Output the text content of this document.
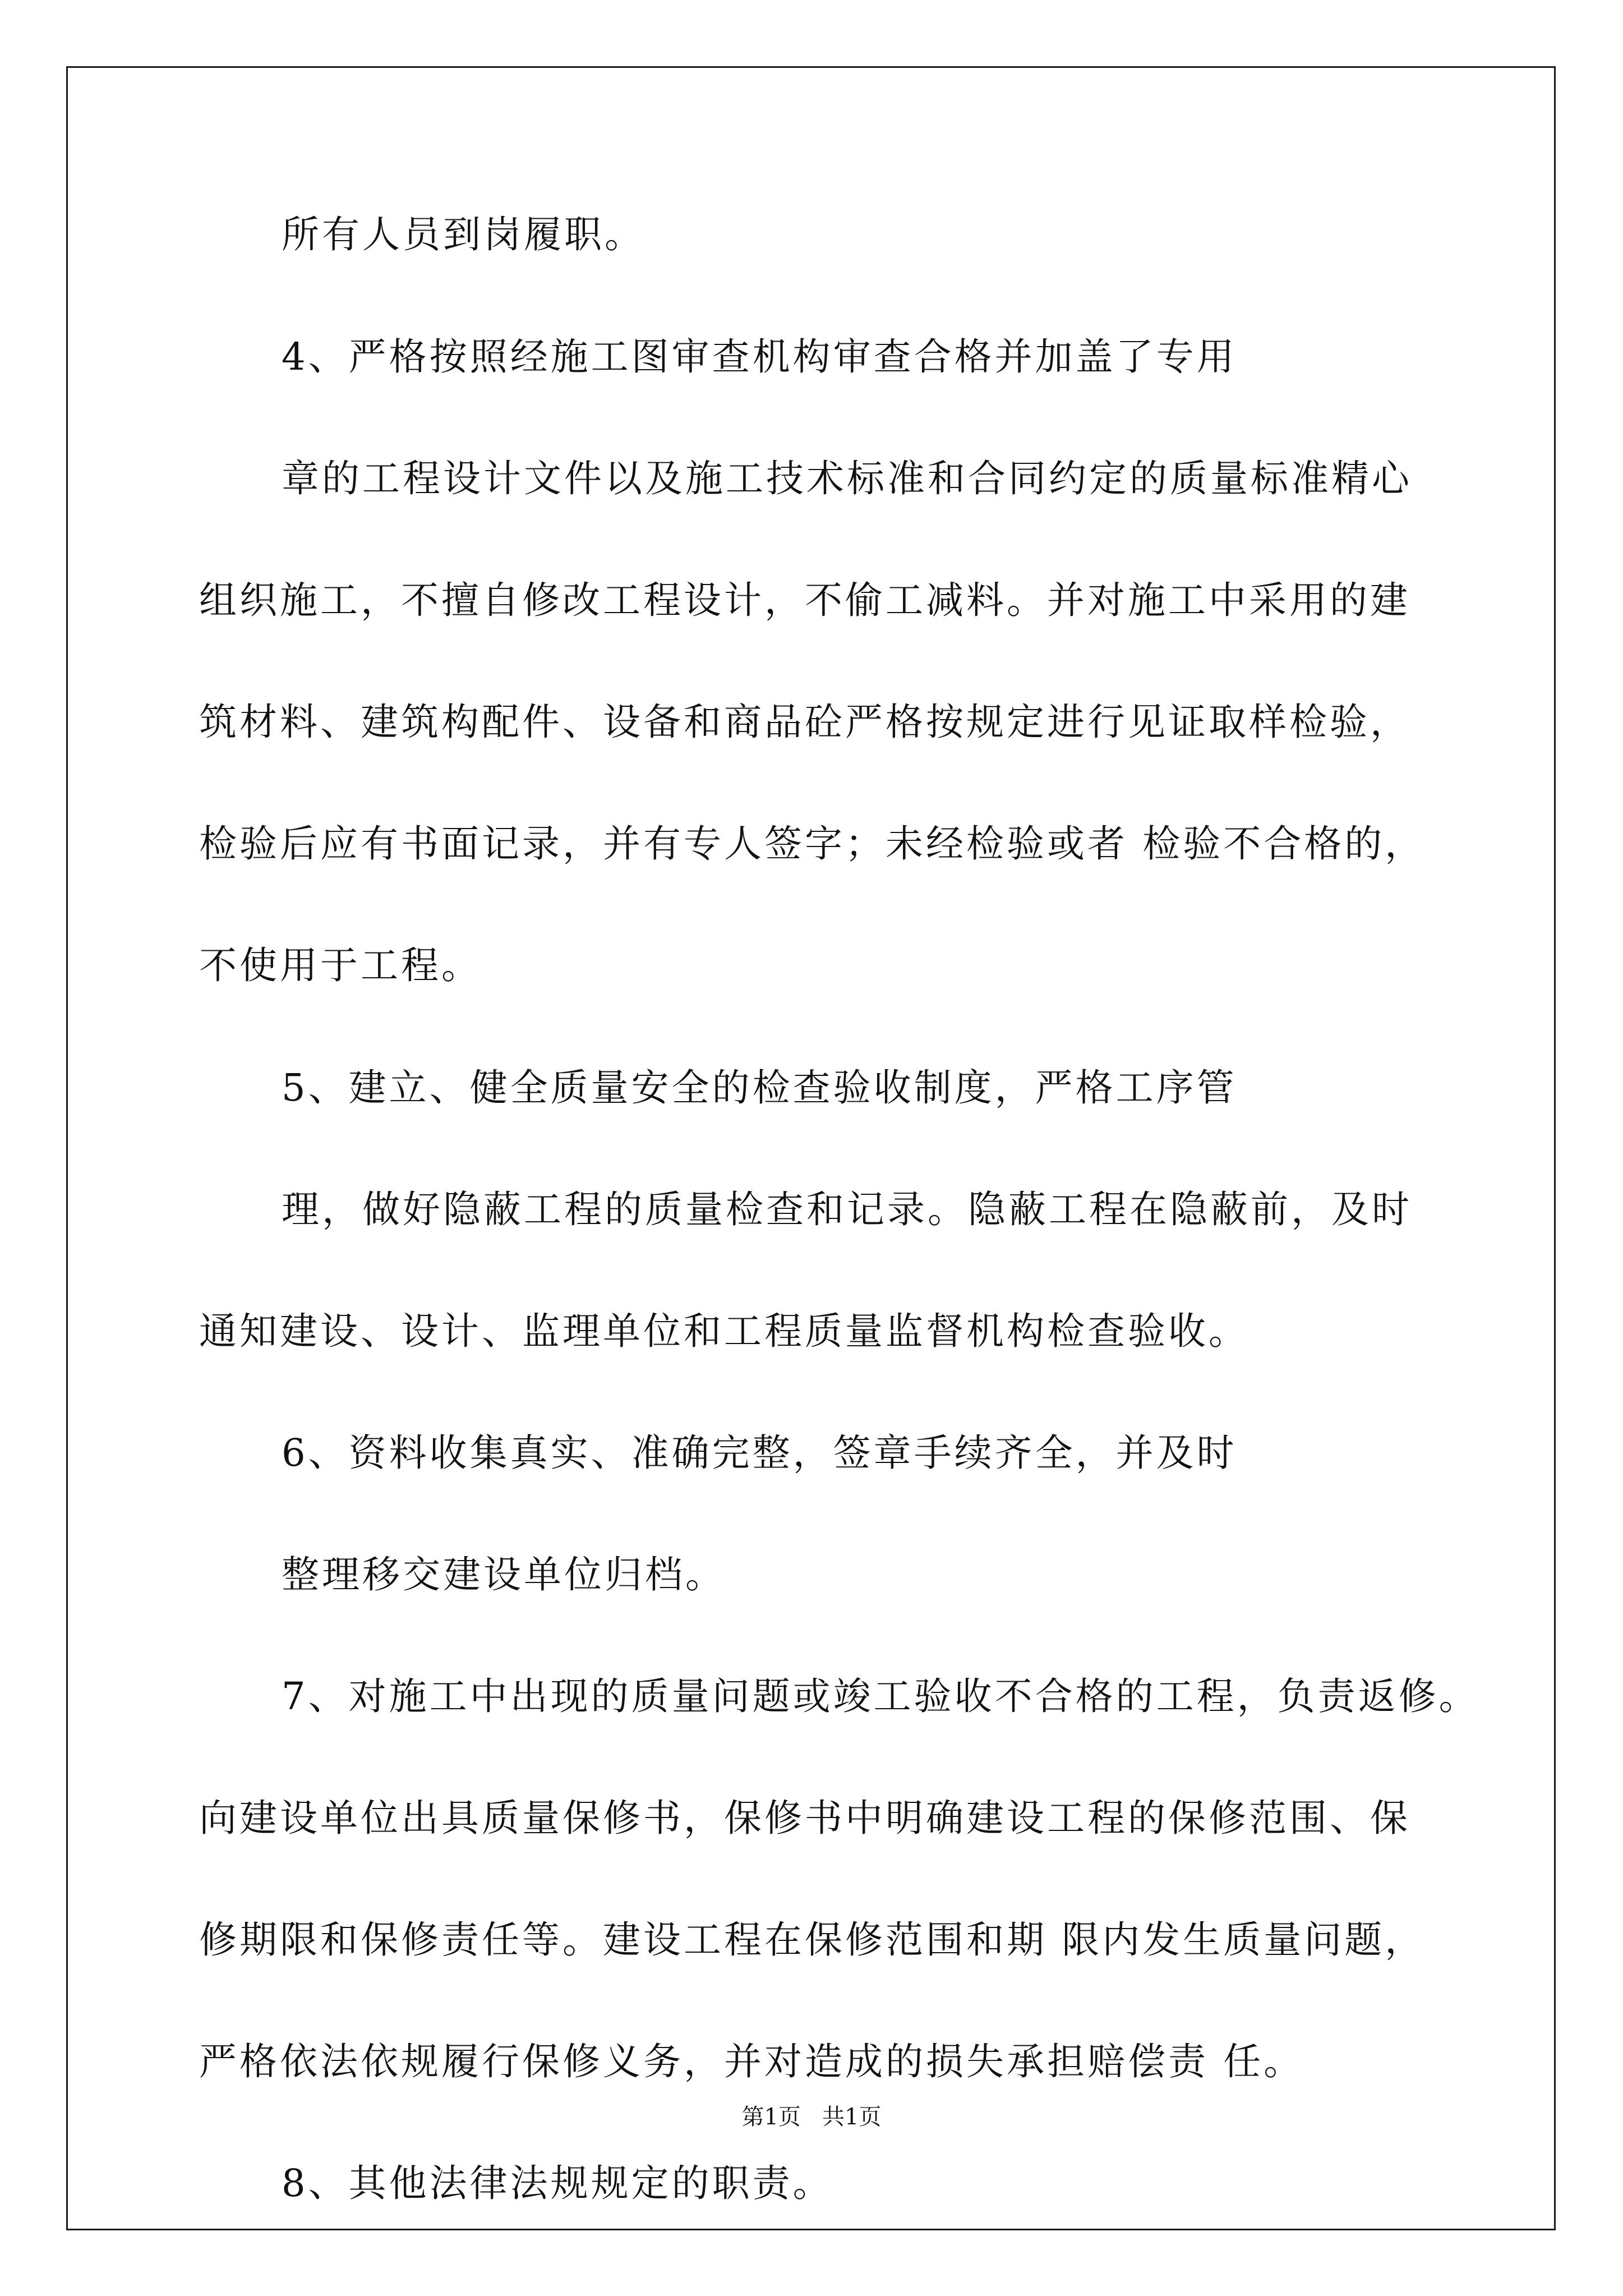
所有人员到岗履职。

4、严格按照经施工图审查机构审查合格并加盖了专用

章的工程设计文件以及施工技术标准和合同约定的质量标准精心

组织施工，不擅自修改工程设计，不偷工减料。并对施工中采用的建

筑材料、建筑构配件、设备和商品砼严格按规定进行见证取样检验，

检验后应有书面记录，并有专人签字；未经检验或者 检验不合格的，

不使用于工程。

5、建立、健全质量安全的检查验收制度，严格工序管

理，做好隐蔽工程的质量检查和记录。隐蔽工程在隐蔽前，及时

通知建设、设计、监理单位和工程质量监督机构检查验收。

6、资料收集真实、准确完整，签章手续齐全，并及时

整理移交建设单位归档。

7、对施工中出现的质量问题或竣工验收不合格的工程，负责返修。

向建设单位出具质量保修书，保修书中明确建设工程的保修范围、保

修期限和保修责任等。建设工程在保修范围和期 限内发生质量问题，

严格依法依规履行保修义务，并对造成的损失承担赔偿责 任。

8、其他法律法规规定的职责。

第1页   共1页
